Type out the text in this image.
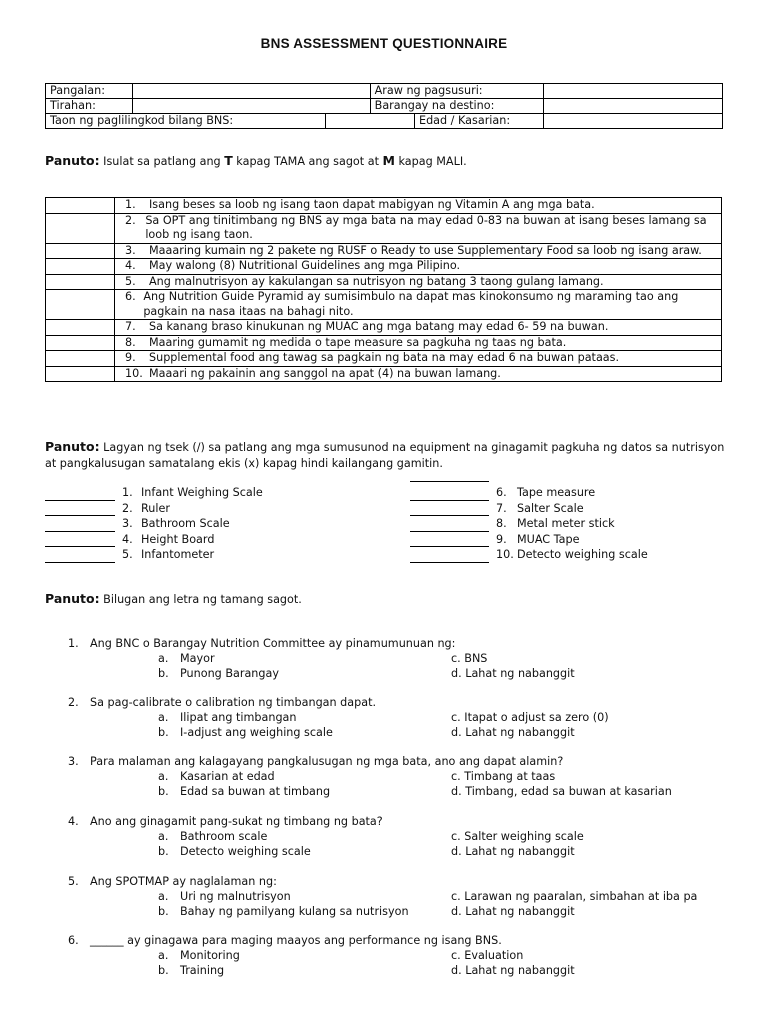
BNS ASSESSMENT QUESTIONNAIRE
Pangalan:			Araw ng pagsusuri:		
Tirahan:			Barangay na destino:		
Taon ng paglilingkod bilang BNS:				Edad / Kasarian:	
Panuto: Isulat sa patlang ang T kapag TAMA ang sagot at M kapag MALI.

	1. Isang beses sa loob ng isang taon dapat mabigyan ng Vitamin A ang mga bata.

	2. Sa OPT ang tinitimbang ng BNS ay mga bata na may edad 0-83 na buwan at isang beses lamang sa loob ng isang taon.

	3. Maaaring kumain ng 2 pakete ng RUSF o Ready to use Supplementary Food sa loob ng isang araw.

	4. May walong (8) Nutritional Guidelines ang mga Pilipino.

	5. Ang malnutrisyon ay kakulangan sa nutrisyon ng batang 3 taong gulang lamang.

	6. Ang Nutrition Guide Pyramid ay sumisimbulo na dapat mas kinokonsumo ng maraming tao ang pagkain na nasa itaas na bahagi nito.

	7. Sa kanang braso kinukunan ng MUAC ang mga batang may edad 6- 59 na buwan.

	8. Maaring gumamit ng medida o tape measure sa pagkuha ng taas ng bata.

	9. Supplemental food ang tawag sa pagkain ng bata na may edad 6 na buwan pataas.

	10. Maaari ng pakainin ang sanggol na apat (4) na buwan lamang.
Panuto: Lagyan ng tsek (/) sa patlang ang mga sumusunod na equipment na ginagamit pagkuha ng datos sa nutrisyon at pangkalusugan samatalang ekis (x) kapag hindi kailangang gamitin.
1. Infant Weighing Scale
2. Ruler
3. Bathroom Scale
4. Height Board
5. Infantometer
6. Tape measure
7. Salter Scale
8. Metal meter stick
9. MUAC Tape
10. Detecto weighing scale
Panuto: Bilugan ang letra ng tamang sagot.
1. Ang BNC o Barangay Nutrition Committee ay pinamumunuan ng:
a. Mayor
b. Punong Barangay
c. BNS
d. Lahat ng nabanggit
2. Sa pag-calibrate o calibration ng timbangan dapat.
a. Ilipat ang timbangan
b. I-adjust ang weighing scale
c. Itapat o adjust sa zero (0)
d. Lahat ng nabanggit
3. Para malaman ang kalagayang pangkalusugan ng mga bata, ano ang dapat alamin?
a. Kasarian at edad
b. Edad sa buwan at timbang
c. Timbang at taas
d. Timbang, edad sa buwan at kasarian
4. Ano ang ginagamit pang-sukat ng timbang ng bata?
a. Bathroom scale
b. Detecto weighing scale
c. Salter weighing scale
d. Lahat ng nabanggit
5. Ang SPOTMAP ay naglalaman ng:
a. Uri ng malnutrisyon
b. Bahay ng pamilyang kulang sa nutrisyon
c. Larawan ng paaralan, simbahan at iba pa
d. Lahat ng nabanggit
6. ______ ay ginagawa para maging maayos ang performance ng isang BNS.
a. Monitoring
b. Training
c. Evaluation
d. Lahat ng nabanggit
